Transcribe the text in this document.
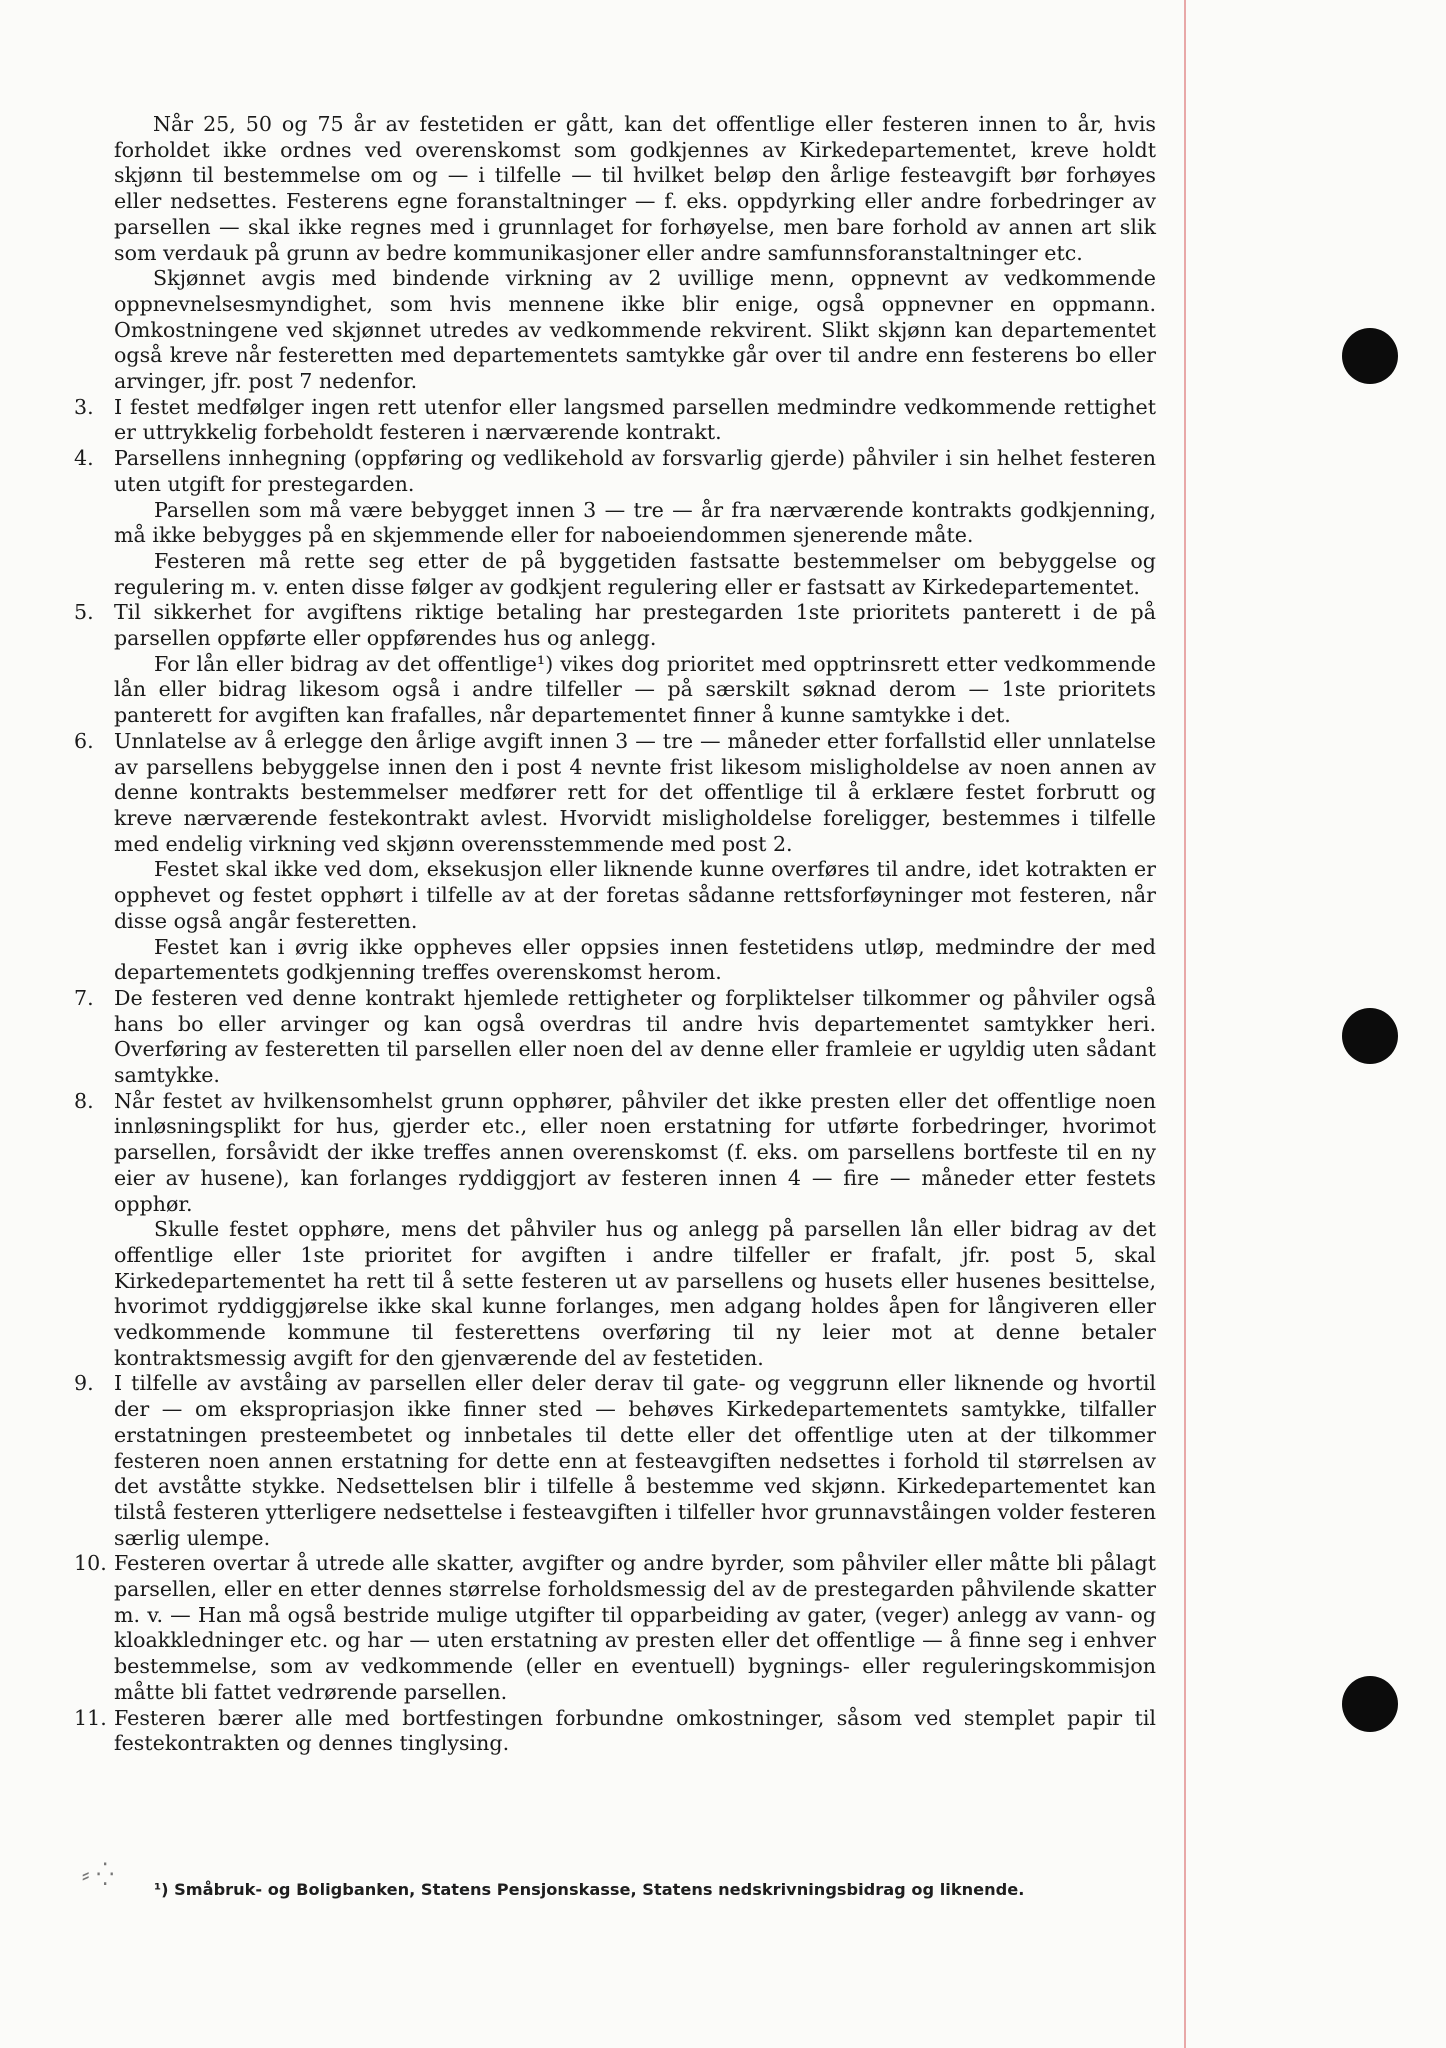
Når 25, 50 og 75 år av festetiden er gått, kan det offentlige eller festeren innen to år, hvis forholdet ikke ordnes ved overenskomst som godkjennes av Kirkedepartementet, kreve holdt skjønn til bestemmelse om og — i tilfelle — til hvilket beløp den årlige festeavgift bør forhøyes eller nedsettes. Festerens egne foranstaltninger — f. eks. oppdyrking eller andre forbedringer av parsellen — skal ikke regnes med i grunnlaget for forhøyelse, men bare forhold av annen art slik som verdauk på grunn av bedre kommunikasjoner eller andre samfunnsforanstaltninger etc.

Skjønnet avgis med bindende virkning av 2 uvillige menn, oppnevnt av vedkommende oppnevnelsesmyndighet, som hvis mennene ikke blir enige, også oppnevner en oppmann. Omkostningene ved skjønnet utredes av vedkommende rekvirent. Slikt skjønn kan departementet også kreve når festeretten med departementets samtykke går over til andre enn festerens bo eller arvinger, jfr. post 7 nedenfor.

3. I festet medfølger ingen rett utenfor eller langsmed parsellen medmindre vedkommende rettighet er uttrykkelig forbeholdt festeren i nærværende kontrakt.

4. Parsellens innhegning (oppføring og vedlikehold av forsvarlig gjerde) påhviler i sin helhet festeren uten utgift for prestegarden.

Parsellen som må være bebygget innen 3 — tre — år fra nærværende kontrakts godkjenning, må ikke bebygges på en skjemmende eller for naboeiendommen sjenerende måte.

Festeren må rette seg etter de på byggetiden fastsatte bestemmelser om bebyggelse og regulering m. v. enten disse følger av godkjent regulering eller er fastsatt av Kirkedepartementet.

5. Til sikkerhet for avgiftens riktige betaling har prestegarden 1ste prioritets panterett i de på parsellen oppførte eller oppførendes hus og anlegg.

For lån eller bidrag av det offentlige¹) vikes dog prioritet med opptrinsrett etter vedkommende lån eller bidrag likesom også i andre tilfeller — på særskilt søknad derom — 1ste prioritets panterett for avgiften kan frafalles, når departementet finner å kunne samtykke i det.

6. Unnlatelse av å erlegge den årlige avgift innen 3 — tre — måneder etter forfallstid eller unnlatelse av parsellens bebyggelse innen den i post 4 nevnte frist likesom misligholdelse av noen annen av denne kontrakts bestemmelser medfører rett for det offentlige til å erklære festet forbrutt og kreve nærværende festekontrakt avlest. Hvorvidt misligholdelse foreligger, bestemmes i tilfelle med endelig virkning ved skjønn overensstemmende med post 2.

Festet skal ikke ved dom, eksekusjon eller liknende kunne overføres til andre, idet kotrakten er opphevet og festet opphørt i tilfelle av at der foretas sådanne rettsforføyninger mot festeren, når disse også angår festeretten.

Festet kan i øvrig ikke oppheves eller oppsies innen festetidens utløp, medmindre der med departementets godkjenning treffes overenskomst herom.

7. De festeren ved denne kontrakt hjemlede rettigheter og forpliktelser tilkommer og påhviler også hans bo eller arvinger og kan også overdras til andre hvis departementet samtykker heri. Overføring av festeretten til parsellen eller noen del av denne eller framleie er ugyldig uten sådant samtykke.

8. Når festet av hvilkensomhelst grunn opphører, påhviler det ikke presten eller det offentlige noen innløsningsplikt for hus, gjerder etc., eller noen erstatning for utførte forbedringer, hvorimot parsellen, forsåvidt der ikke treffes annen overenskomst (f. eks. om parsellens bortfeste til en ny eier av husene), kan forlanges ryddiggjort av festeren innen 4 — fire — måneder etter festets opphør.

Skulle festet opphøre, mens det påhviler hus og anlegg på parsellen lån eller bidrag av det offentlige eller 1ste prioritet for avgiften i andre tilfeller er frafalt, jfr. post 5, skal Kirkedepartementet ha rett til å sette festeren ut av parsellens og husets eller husenes besittelse, hvorimot ryddiggjørelse ikke skal kunne forlanges, men adgang holdes åpen for långiveren eller vedkommende kommune til festerettens overføring til ny leier mot at denne betaler kontraktsmessig avgift for den gjenværende del av festetiden.

9. I tilfelle av avståing av parsellen eller deler derav til gate- og veggrunn eller liknende og hvortil der — om ekspropriasjon ikke finner sted — behøves Kirkedepartementets samtykke, tilfaller erstatningen presteembetet og innbetales til dette eller det offentlige uten at der tilkommer festeren noen annen erstatning for dette enn at festeavgiften nedsettes i forhold til størrelsen av det avståtte stykke. Nedsettelsen blir i tilfelle å bestemme ved skjønn. Kirkedepartementet kan tilstå festeren ytterligere nedsettelse i festeavgiften i tilfeller hvor grunnavståingen volder festeren særlig ulempe.

10. Festeren overtar å utrede alle skatter, avgifter og andre byrder, som påhviler eller måtte bli pålagt parsellen, eller en etter dennes størrelse forholdsmessig del av de prestegarden påhvilende skatter m. v. — Han må også bestride mulige utgifter til opparbeiding av gater, (veger) anlegg av vann- og kloakkledninger etc. og har — uten erstatning av presten eller det offentlige — å finne seg i enhver bestemmelse, som av vedkommende (eller en eventuell) bygnings- eller reguleringskommisjon måtte bli fattet vedrørende parsellen.

11. Festeren bærer alle med bortfestingen forbundne omkostninger, såsom ved stemplet papir til festekontrakten og dennes tinglysing.

⸗ ⁛
¹) Småbruk- og Boligbanken, Statens Pensjonskasse, Statens nedskrivningsbidrag og liknende.
